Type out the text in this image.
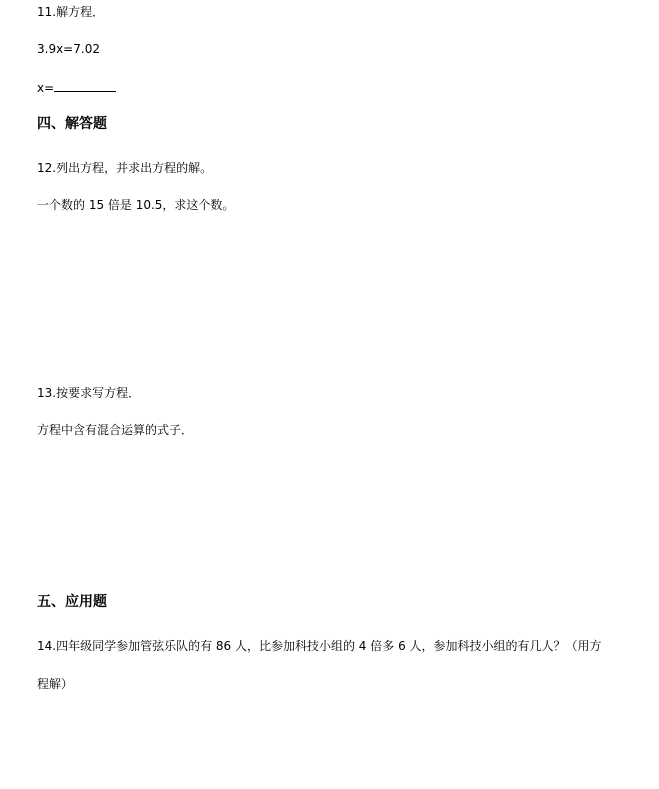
11.解方程．
3.9x=7.02
x=
四、解答题
12.列出方程，并求出方程的解。
一个数的 15 倍是 10.5，求这个数。
13.按要求写方程．
方程中含有混合运算的式子．
五、应用题
14.四年级同学参加管弦乐队的有 86 人，比参加科技小组的 4 倍多 6 人，参加科技小组的有几人？（用方
程解）
